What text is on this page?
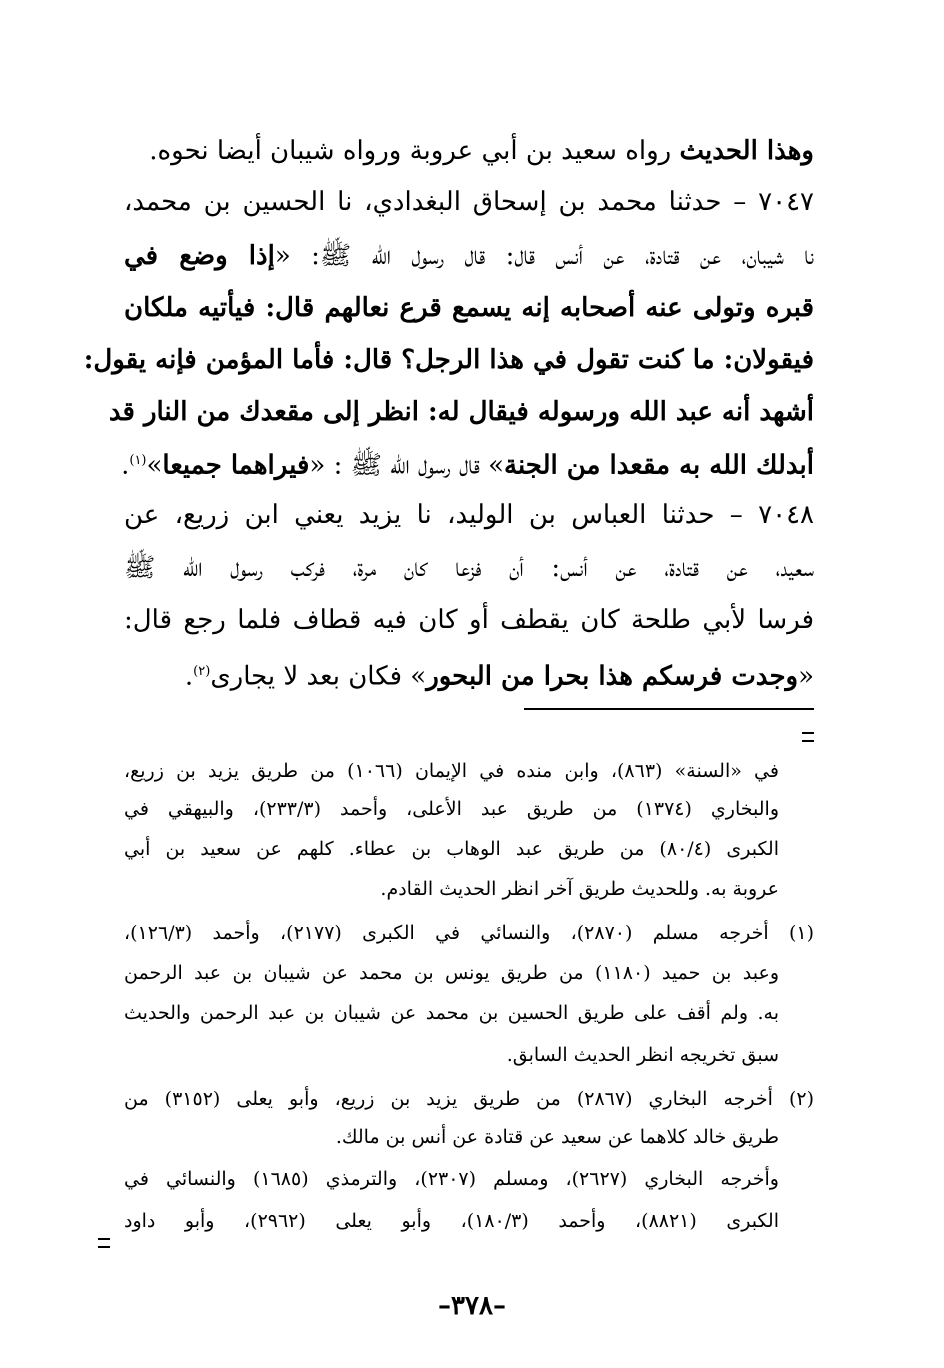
وهذا الحديث رواه سعيد بن أبي عروبة ورواه شيبان أيضا نحوه.
٧٠٤٧ – حدثنا محمد بن إسحاق البغدادي، نا الحسين بن محمد،
نا شيبان، عن قتادة، عن أنس قال: قال رسول الله ﷺ: «إذا وضع في
قبره وتولى عنه أصحابه إنه يسمع قرع نعالهم قال: فيأتيه ملكان
فيقولان: ما كنت تقول في هذا الرجل؟ قال: فأما المؤمن فإنه يقول:
أشهد أنه عبد الله ورسوله فيقال له: انظر إلى مقعدك من النار قد
أبدلك الله به مقعدا من الجنة» قال رسول الله ﷺ : «فيراهما جميعا»$^{(١)}$.
٧٠٤٨ – حدثنا العباس بن الوليد، نا يزيد يعني ابن زريع، عن
سعيد، عن قتادة، عن أنس: أن فزعا كان مرة، فركب رسول الله ﷺ
فرسا لأبي طلحة كان يقطف أو كان فيه قطاف فلما رجع قال:
«وجدت فرسكم هذا بحرا من البحور» فكان بعد لا يجارى$^{(٢)}$.
في «السنة» (٨٦٣)، وابن منده في الإيمان (١٠٦٦) من طريق يزيد بن زريع،
والبخاري (١٣٧٤) من طريق عبد الأعلى، وأحمد (٢٣٣/٣)، والبيهقي في
الكبرى (٨٠/٤) من طريق عبد الوهاب بن عطاء. كلهم عن سعيد بن أبي
عروبة به. وللحديث طريق آخر انظر الحديث القادم.
(١) أخرجه مسلم (٢٨٧٠)، والنسائي في الكبرى (٢١٧٧)، وأحمد (١٢٦/٣)،
وعبد بن حميد (١١٨٠) من طريق يونس بن محمد عن شيبان بن عبد الرحمن
به. ولم أقف على طريق الحسين بن محمد عن شيبان بن عبد الرحمن والحديث
سبق تخريجه انظر الحديث السابق.
(٢) أخرجه البخاري (٢٨٦٧) من طريق يزيد بن زريع، وأبو يعلى (٣١٥٢) من
طريق خالد كلاهما عن سعيد عن قتادة عن أنس بن مالك.
وأخرجه البخاري (٢٦٢٧)، ومسلم (٢٣٠٧)، والترمذي (١٦٨٥) والنسائي في
الكبرى (٨٨٢١)، وأحمد (١٨٠/٣)، وأبو يعلى (٢٩٦٢)، وأبو داود
–٣٧٨–
